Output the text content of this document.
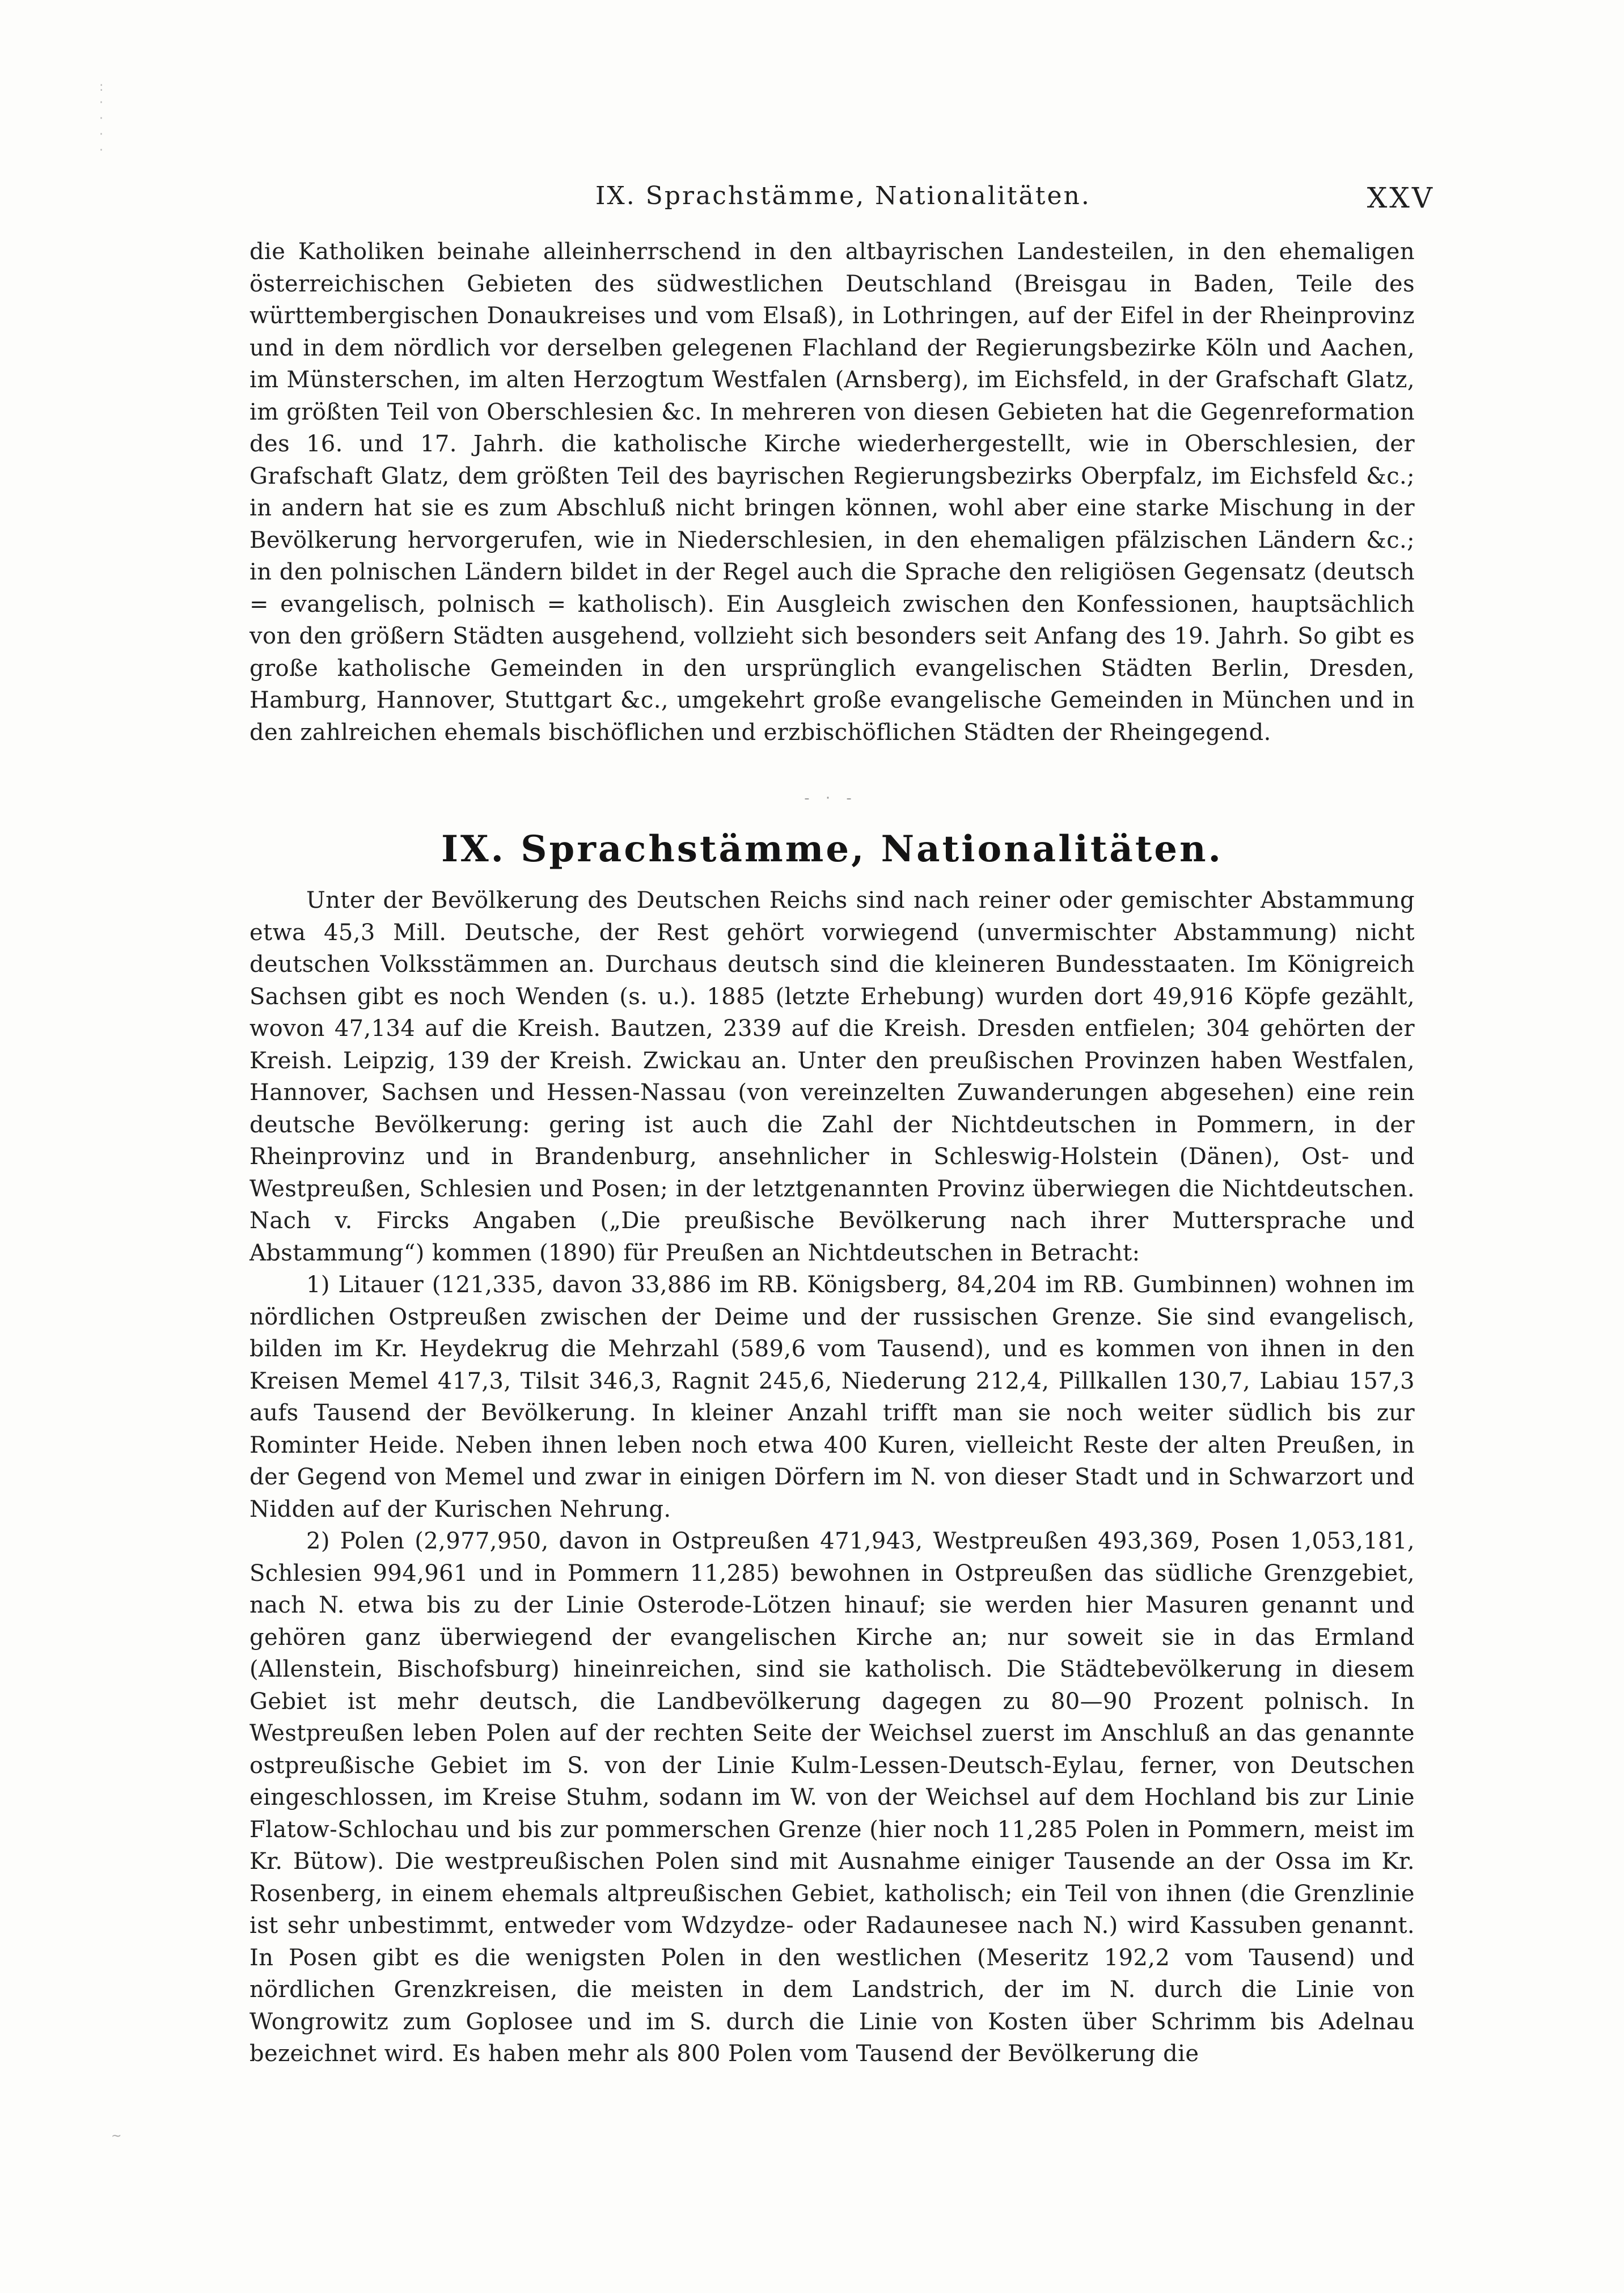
:
·
·
·
·
IX. Sprachstämme, Nationalitäten.	XXV

die Katholiken beinahe alleinherrschend in den altbayrischen Landesteilen, in den ehemaligen österreichischen Gebieten des südwestlichen Deutschland (Breisgau in Baden, Teile des württembergischen Donaukreises und vom Elsaß), in Lothringen, auf der Eifel in der Rheinprovinz und in dem nördlich vor derselben gelegenen Flachland der Regierungsbezirke Köln und Aachen, im Münsterschen, im alten Herzogtum Westfalen (Arnsberg), im Eichsfeld, in der Grafschaft Glatz, im größten Teil von Oberschlesien &c. In mehreren von diesen Gebieten hat die Gegenreformation des 16. und 17. Jahrh. die katholische Kirche wiederhergestellt, wie in Oberschlesien, der Grafschaft Glatz, dem größten Teil des bayrischen Regierungsbezirks Oberpfalz, im Eichsfeld &c.; in andern hat sie es zum Abschluß nicht bringen können, wohl aber eine starke Mischung in der Bevölkerung hervorgerufen, wie in Niederschlesien, in den ehemaligen pfälzischen Ländern &c.; in den polnischen Ländern bildet in der Regel auch die Sprache den religiösen Gegensatz (deutsch = evangelisch, polnisch = katholisch). Ein Ausgleich zwischen den Konfessionen, hauptsächlich von den größern Städten ausgehend, vollzieht sich besonders seit Anfang des 19. Jahrh. So gibt es große katholische Gemeinden in den ursprünglich evangelischen Städten Berlin, Dresden, Hamburg, Hannover, Stuttgart &c., umgekehrt große evangelische Gemeinden in München und in den zahlreichen ehemals bischöflichen und erzbischöflichen Städten der Rheingegend.

- · -
IX. Sprachstämme, Nationalitäten.

Unter der Bevölkerung des Deutschen Reichs sind nach reiner oder gemischter Abstammung etwa 45,3 Mill. Deutsche, der Rest gehört vorwiegend (unvermischter Abstammung) nicht deutschen Volksstämmen an. Durchaus deutsch sind die kleineren Bundesstaaten. Im Königreich Sachsen gibt es noch Wenden (s. u.). 1885 (letzte Erhebung) wurden dort 49,916 Köpfe gezählt, wovon 47,134 auf die Kreish. Bautzen, 2339 auf die Kreish. Dresden entfielen; 304 gehörten der Kreish. Leipzig, 139 der Kreish. Zwickau an. Unter den preußischen Provinzen haben Westfalen, Hannover, Sachsen und Hessen-Nassau (von vereinzelten Zuwanderungen abgesehen) eine rein deutsche Bevölkerung: gering ist auch die Zahl der Nichtdeutschen in Pommern, in der Rheinprovinz und in Brandenburg, ansehnlicher in Schleswig-Holstein (Dänen), Ost- und Westpreußen, Schlesien und Posen; in der letztgenannten Provinz überwiegen die Nichtdeutschen. Nach v. Fircks Angaben („Die preußische Bevölkerung nach ihrer Muttersprache und Abstammung“) kommen (1890) für Preußen an Nichtdeutschen in Betracht:

1) Litauer (121,335, davon 33,886 im RB. Königsberg, 84,204 im RB. Gumbinnen) wohnen im nördlichen Ostpreußen zwischen der Deime und der russischen Grenze. Sie sind evangelisch, bilden im Kr. Heydekrug die Mehrzahl (589,6 vom Tausend), und es kommen von ihnen in den Kreisen Memel 417,3, Tilsit 346,3, Ragnit 245,6, Niederung 212,4, Pillkallen 130,7, Labiau 157,3 aufs Tausend der Bevölkerung. In kleiner Anzahl trifft man sie noch weiter südlich bis zur Rominter Heide. Neben ihnen leben noch etwa 400 Kuren, vielleicht Reste der alten Preußen, in der Gegend von Memel und zwar in einigen Dörfern im N. von dieser Stadt und in Schwarzort und Nidden auf der Kurischen Nehrung.

2) Polen (2,977,950, davon in Ostpreußen 471,943, Westpreußen 493,369, Posen 1,053,181, Schlesien 994,961 und in Pommern 11,285) bewohnen in Ostpreußen das südliche Grenzgebiet, nach N. etwa bis zu der Linie Osterode-Lötzen hinauf; sie werden hier Masuren genannt und gehören ganz überwiegend der evangelischen Kirche an; nur soweit sie in das Ermland (Allenstein, Bischofsburg) hineinreichen, sind sie katholisch. Die Städtebevölkerung in diesem Gebiet ist mehr deutsch, die Landbevölkerung dagegen zu 80—90 Prozent polnisch. In Westpreußen leben Polen auf der rechten Seite der Weichsel zuerst im Anschluß an das genannte ostpreußische Gebiet im S. von der Linie Kulm-Lessen-Deutsch-Eylau, ferner, von Deutschen eingeschlossen, im Kreise Stuhm, sodann im W. von der Weichsel auf dem Hochland bis zur Linie Flatow-Schlochau und bis zur pommerschen Grenze (hier noch 11,285 Polen in Pommern, meist im Kr. Bütow). Die westpreußischen Polen sind mit Ausnahme einiger Tausende an der Ossa im Kr. Rosenberg, in einem ehemals altpreußischen Gebiet, katholisch; ein Teil von ihnen (die Grenzlinie ist sehr unbestimmt, entweder vom Wdzydze- oder Radaunesee nach N.) wird Kassuben genannt. In Posen gibt es die wenigsten Polen in den westlichen (Meseritz 192,2 vom Tausend) und nördlichen Grenzkreisen, die meisten in dem Landstrich, der im N. durch die Linie von Wongrowitz zum Goplosee und im S. durch die Linie von Kosten über Schrimm bis Adelnau bezeichnet wird. Es haben mehr als 800 Polen vom Tausend der Bevölkerung die

~
